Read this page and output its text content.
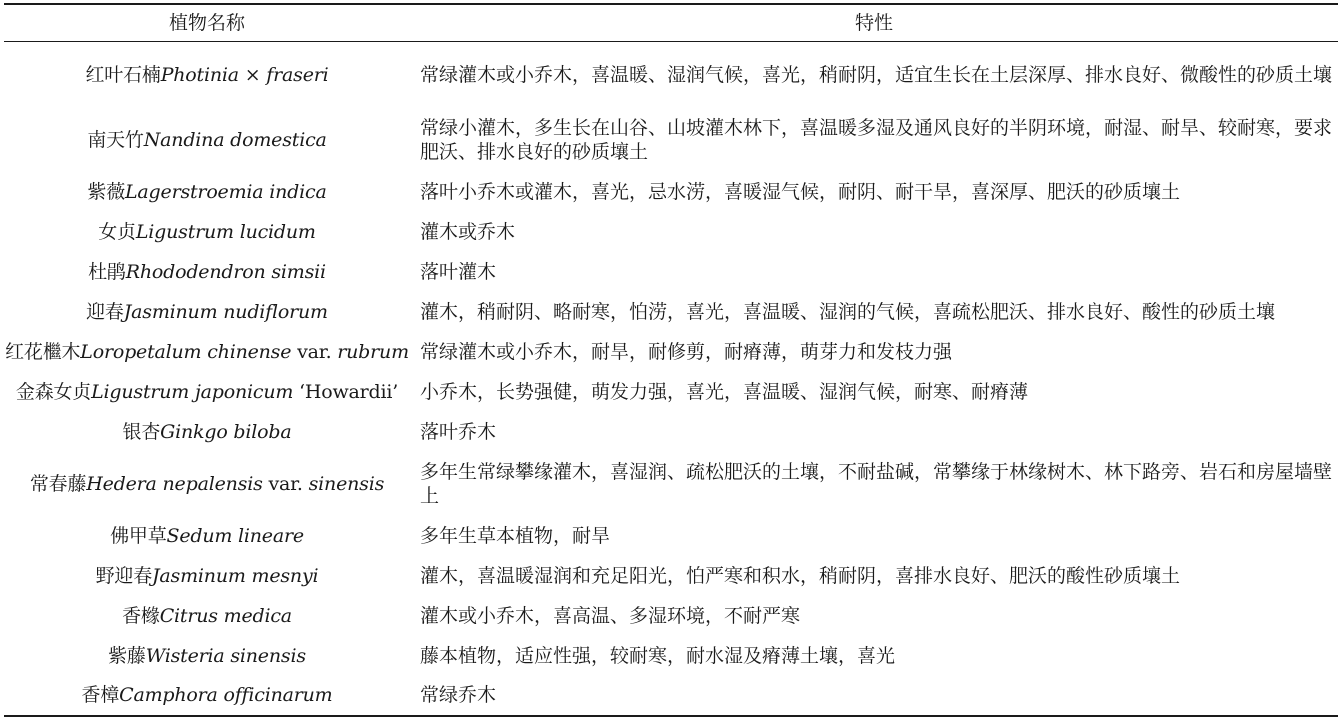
植物名称	特性
红叶石楠Photinia × fraseri	常绿灌木或小乔木，喜温暖、湿润气候，喜光，稍耐阴，适宜生长在土层深厚、排水良好、微酸性的砂质土壤
南天竹Nandina domestica	常绿小灌木，多生长在山谷、山坡灌木林下，喜温暖多湿及通风良好的半阴环境，耐湿、耐旱、较耐寒，要求肥沃、排水良好的砂质壤土
紫薇Lagerstroemia indica	落叶小乔木或灌木，喜光，忌水涝，喜暖湿气候，耐阴、耐干旱，喜深厚、肥沃的砂质壤土
女贞Ligustrum lucidum	灌木或乔木
杜鹃Rhododendron simsii	落叶灌木
迎春Jasminum nudiflorum	灌木，稍耐阴、略耐寒，怕涝，喜光，喜温暖、湿润的气候，喜疏松肥沃、排水良好、酸性的砂质土壤
红花檵木Loropetalum chinense var. rubrum	常绿灌木或小乔木，耐旱，耐修剪，耐瘠薄，萌芽力和发枝力强
金森女贞Ligustrum japonicum ‘Howardii’	小乔木，长势强健，萌发力强，喜光，喜温暖、湿润气候，耐寒、耐瘠薄
银杏Ginkgo biloba	落叶乔木
常春藤Hedera nepalensis var. sinensis	多年生常绿攀缘灌木，喜湿润、疏松肥沃的土壤，不耐盐碱，常攀缘于林缘树木、林下路旁、岩石和房屋墙壁上
佛甲草Sedum lineare	多年生草本植物，耐旱
野迎春Jasminum mesnyi	灌木，喜温暖湿润和充足阳光，怕严寒和积水，稍耐阴，喜排水良好、肥沃的酸性砂质壤土
香橼Citrus medica	灌木或小乔木，喜高温、多湿环境，不耐严寒
紫藤Wisteria sinensis	藤本植物，适应性强，较耐寒，耐水湿及瘠薄土壤，喜光
香樟Camphora officinarum	常绿乔木
